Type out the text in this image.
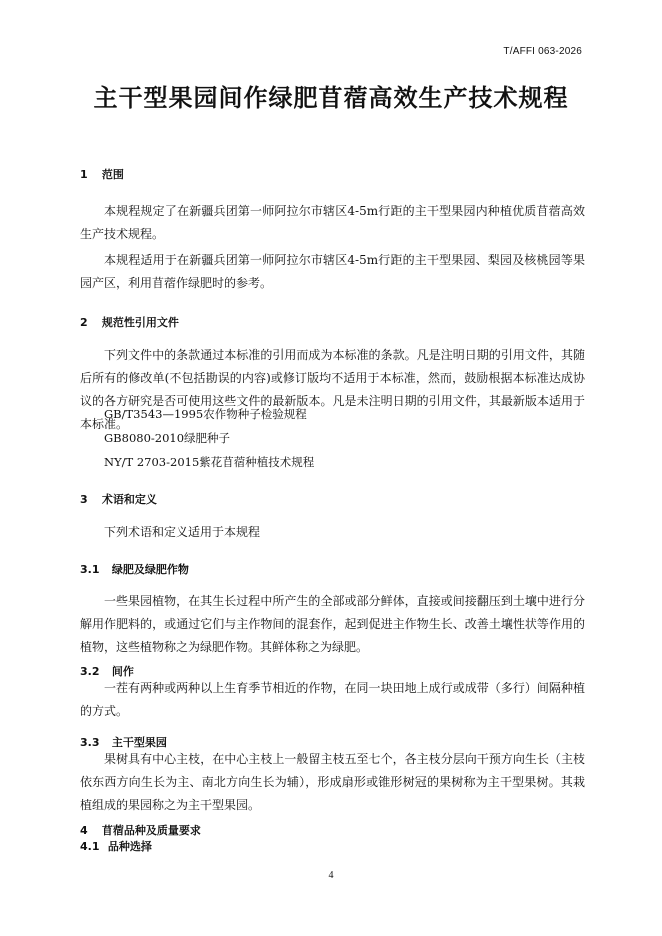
T/AFFI 063-2026
主干型果园间作绿肥苜蓿高效生产技术规程
1 范围

本规程规定了在新疆兵团第一师阿拉尔市辖区4-5m行距的主干型果园内种植优质苜蓿高效生产技术规程。

本规程适用于在新疆兵团第一师阿拉尔市辖区4-5m行距的主干型果园、梨园及核桃园等果园产区，利用苜蓿作绿肥时的参考。

2 规范性引用文件

下列文件中的条款通过本标准的引用而成为本标准的条款。凡是注明日期的引用文件，其随后所有的修改单(不包括勘误的内容)或修订版均不适用于本标准，然而，鼓励根据本标准达成协议的各方研究是否可使用这些文件的最新版本。凡是未注明日期的引用文件，其最新版本适用于本标准。

GB/T3543—1995农作物种子检验规程
GB8080-2010绿肥种子
NY/T 2703-2015紫花苜蓿种植技术规程
3 术语和定义

下列术语和定义适用于本规程

3.1 绿肥及绿肥作物

一些果园植物，在其生长过程中所产生的全部或部分鲜体，直接或间接翻压到土壤中进行分解用作肥料的，或通过它们与主作物间的混套作，起到促进主作物生长、改善土壤性状等作用的植物，这些植物称之为绿肥作物。其鲜体称之为绿肥。

3.2 间作

一茬有两种或两种以上生育季节相近的作物，在同一块田地上成行或成带（多行）间隔种植的方式。

3.3 主干型果园

果树具有中心主枝，在中心主枝上一般留主枝五至七个，各主枝分层向干预方向生长（主枝依东西方向生长为主、南北方向生长为辅），形成扇形或锥形树冠的果树称为主干型果树。其栽植组成的果园称之为主干型果园。

4 苜蓿品种及质量要求
4.1 品种选择
4
